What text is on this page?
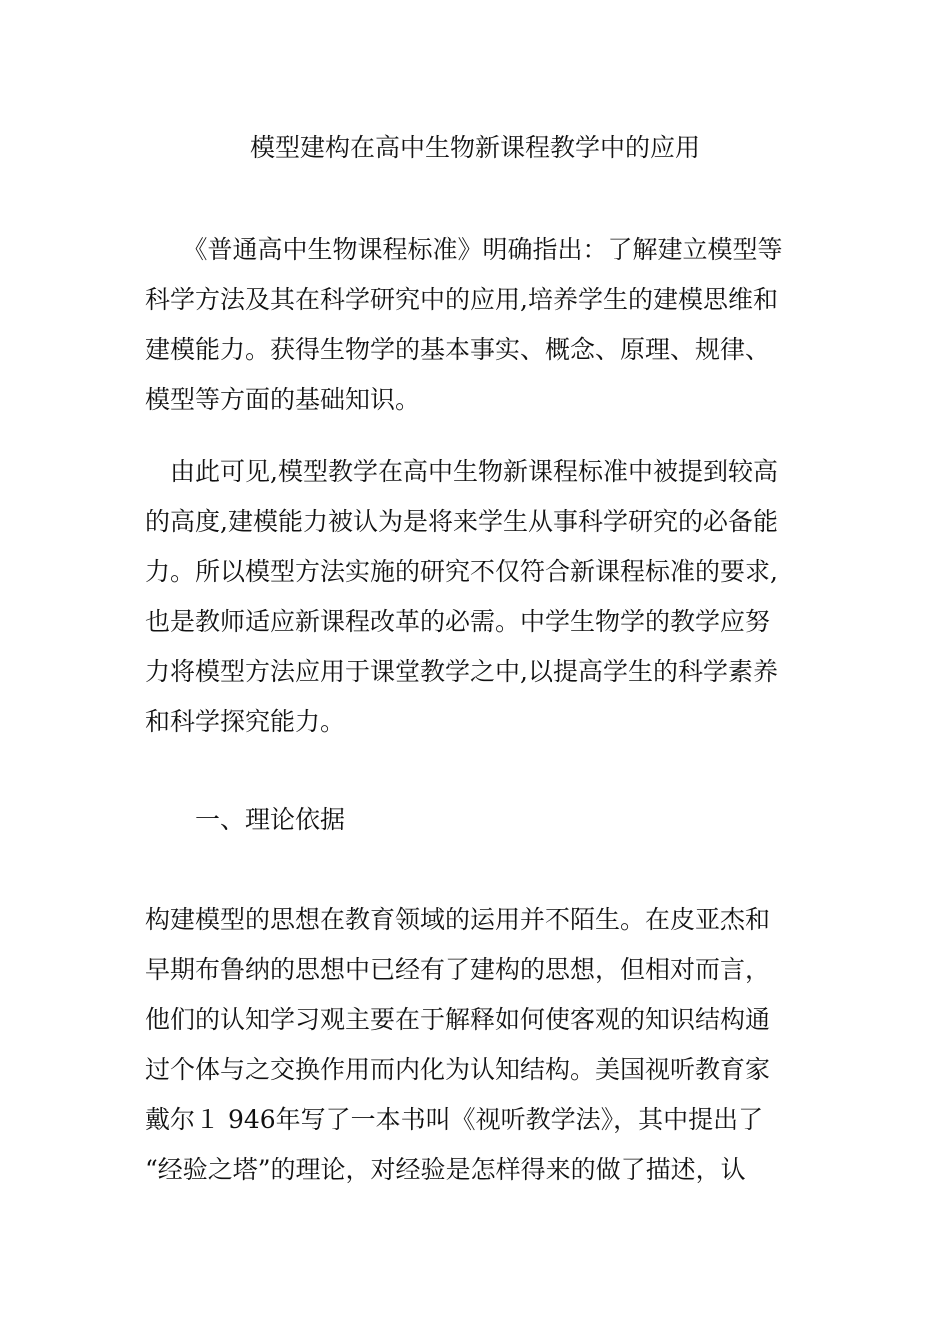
模型建构在高中生物新课程教学中的应用
　　《普通高中生物课程标准》明确指出：了解建立模型等
科学方法及其在科学研究中的应用,培养学生的建模思维和
建模能力。获得生物学的基本事实、概念、原理、规律、
模型等方面的基础知识。
　由此可见,模型教学在高中生物新课程标准中被提到较高
的高度,建模能力被认为是将来学生从事科学研究的必备能
力。所以模型方法实施的研究不仅符合新课程标准的要求,
也是教师适应新课程改革的必需。中学生物学的教学应努
力将模型方法应用于课堂教学之中,以提高学生的科学素养
和科学探究能力。
　　一、理论依据
构建模型的思想在教育领域的运用并不陌生。在皮亚杰和
早期布鲁纳的思想中已经有了建构的思想，但相对而言，
他们的认知学习观主要在于解释如何使客观的知识结构通
过个体与之交换作用而内化为认知结构。美国视听教育家
戴尔１ 946年写了一本书叫《视听教学法》，其中提出了
“经验之塔”的理论，对经验是怎样得来的做了描述，认
